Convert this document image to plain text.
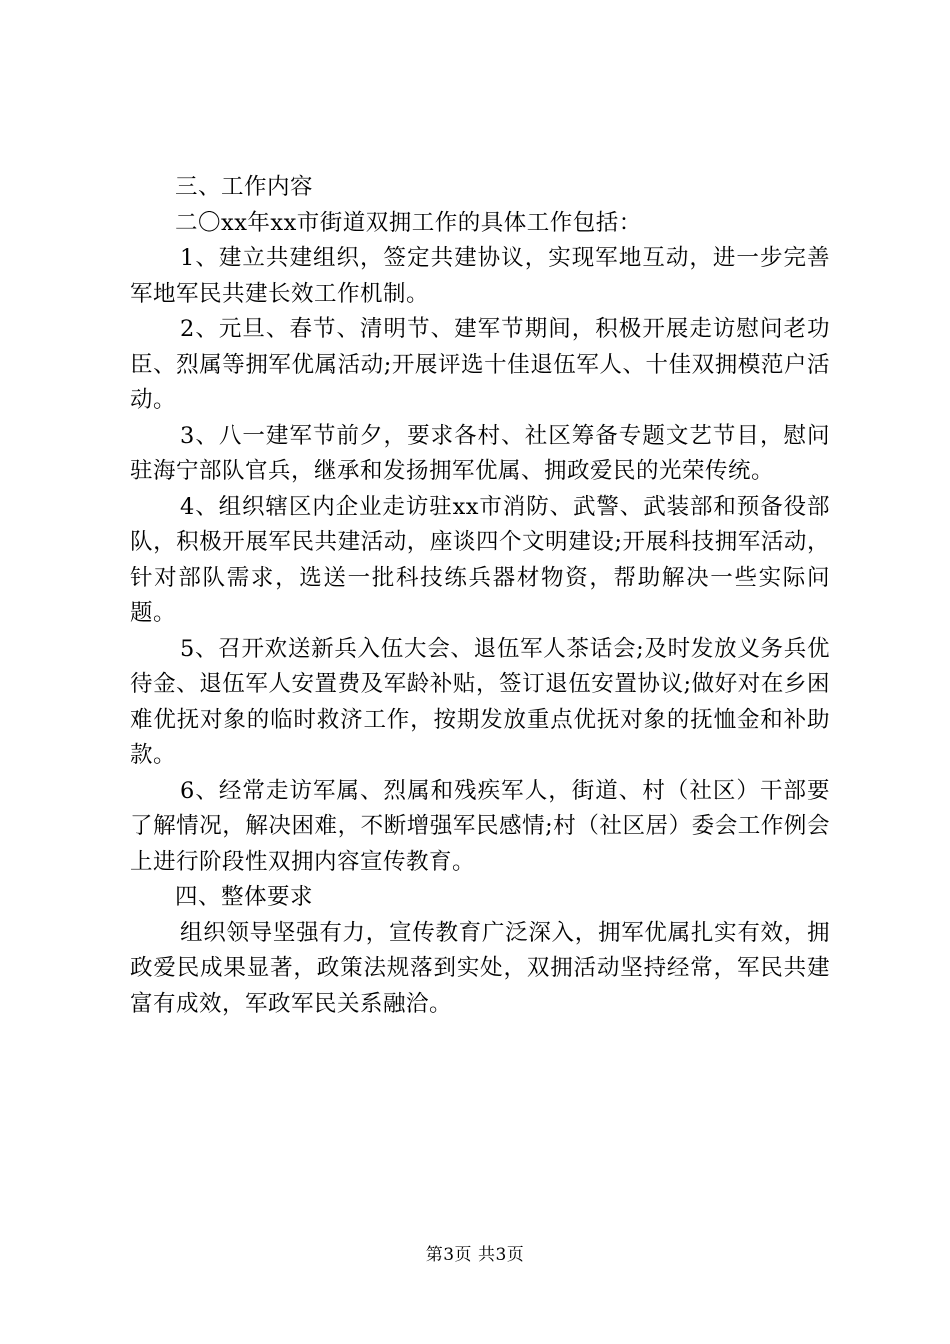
三、工作内容

二〇xx年xx市街道双拥工作的具体工作包括：

1、建立共建组织，签定共建协议，实现军地互动，进一步完善军地军民共建长效工作机制。

2、元旦、春节、清明节、建军节期间，积极开展走访慰问老功臣、烈属等拥军优属活动;开展评选十佳退伍军人、十佳双拥模范户活动。

3、八一建军节前夕，要求各村、社区筹备专题文艺节目，慰问驻海宁部队官兵，继承和发扬拥军优属、拥政爱民的光荣传统。

4、组织辖区内企业走访驻xx市消防、武警、武装部和预备役部队，积极开展军民共建活动，座谈四个文明建设;开展科技拥军活动，针对部队需求，选送一批科技练兵器材物资，帮助解决一些实际问题。

5、召开欢送新兵入伍大会、退伍军人茶话会;及时发放义务兵优待金、退伍军人安置费及军龄补贴，签订退伍安置协议;做好对在乡困难优抚对象的临时救济工作，按期发放重点优抚对象的抚恤金和补助款。

6、经常走访军属、烈属和残疾军人，街道、村（社区）干部要了解情况，解决困难，不断增强军民感情;村（社区居）委会工作例会上进行阶段性双拥内容宣传教育。

四、整体要求

组织领导坚强有力，宣传教育广泛深入，拥军优属扎实有效，拥政爱民成果显著，政策法规落到实处，双拥活动坚持经常，军民共建富有成效，军政军民关系融洽。

第3页 共3页
